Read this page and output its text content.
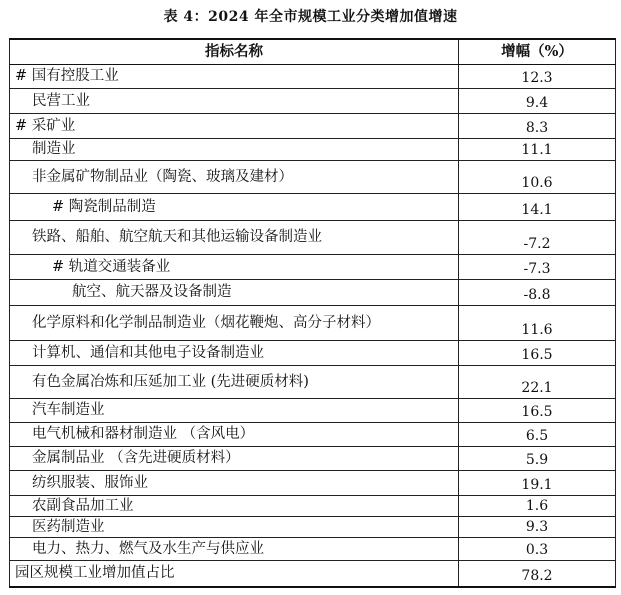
表 4：2024 年全市规模工业分类增加值增速
指标名称	增幅（%）
# 国有控股工业	12.3
民营工业	9.4
# 采矿业	8.3
制造业	11.1
非金属矿物制品业（陶瓷、玻璃及建材）	10.6
# 陶瓷制品制造	14.1
铁路、船舶、航空航天和其他运输设备制造业	-7.2
# 轨道交通装备业	-7.3
航空、航天器及设备制造	-8.8
化学原料和化学制品制造业（烟花鞭炮、高分子材料）	11.6
计算机、通信和其他电子设备制造业	16.5
有色金属冶炼和压延加工业 (先进硬质材料)	22.1
汽车制造业	16.5
电气机械和器材制造业 （含风电）	6.5
金属制品业 （含先进硬质材料）	5.9
纺织服装、服饰业	19.1
农副食品加工业	1.6
医药制造业	9.3
电力、热力、燃气及水生产与供应业	0.3
园区规模工业增加值占比	78.2
